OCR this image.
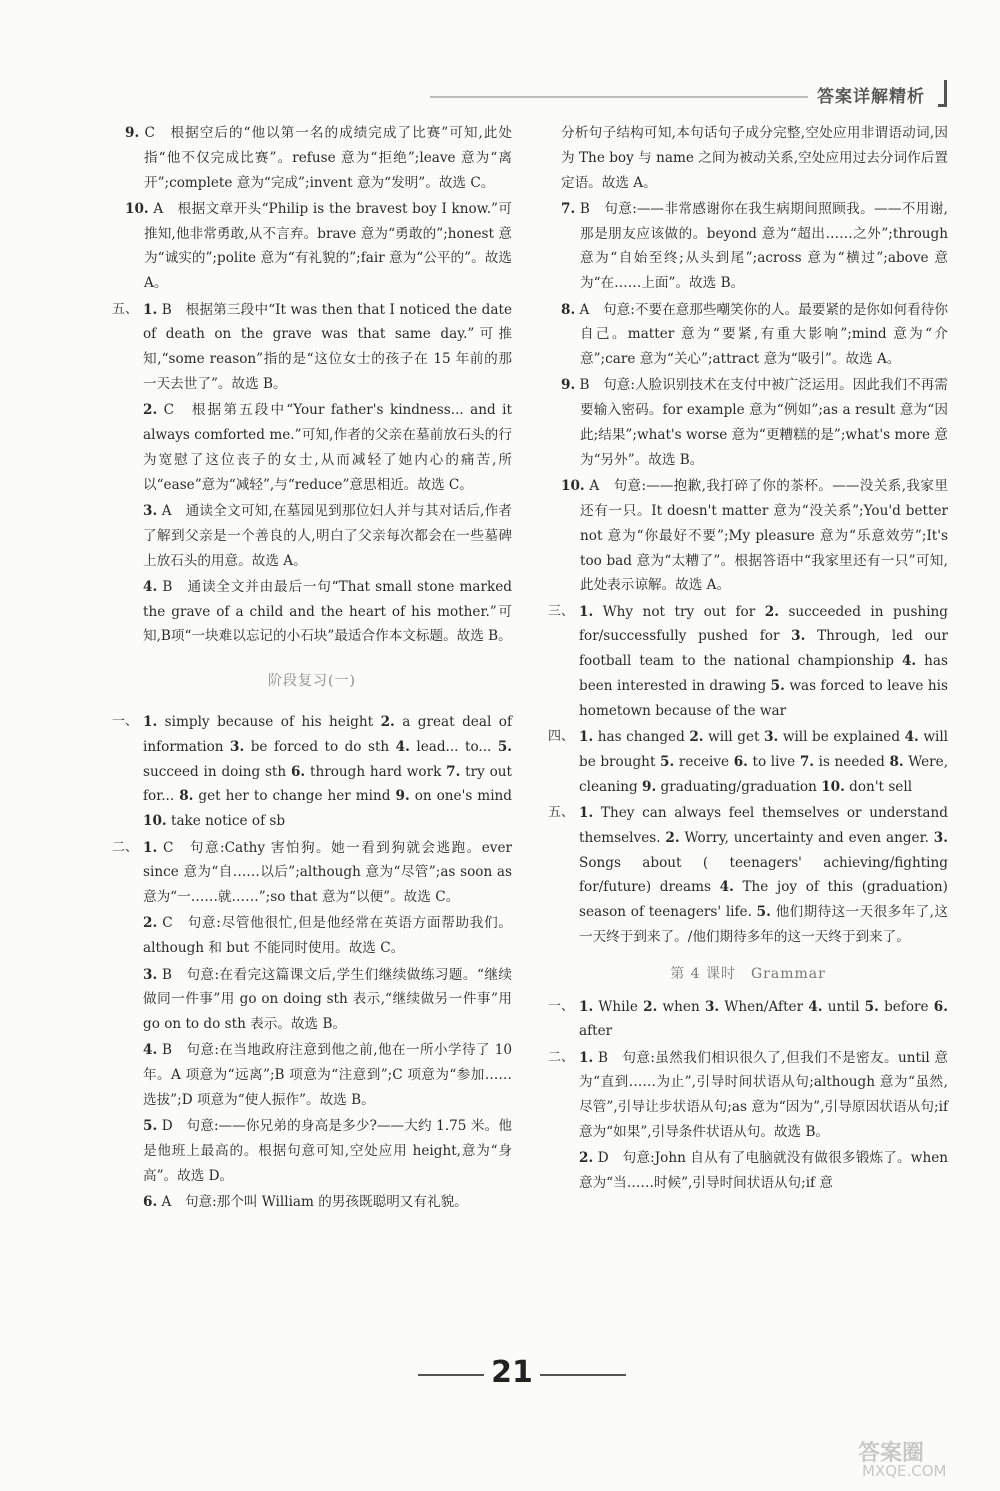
答案详解精析
9. C　根据空后的“他以第一名的成绩完成了比赛”可知,此处指“他不仅完成比赛”。refuse 意为“拒绝”;leave 意为“离开”;complete 意为“完成”;invent 意为“发明”。故选 C。
10. A　根据文章开头“Philip is the bravest boy I know.”可推知,他非常勇敢,从不言弃。brave 意为“勇敢的”;honest 意为“诚实的”;polite 意为“有礼貌的”;fair 意为“公平的”。故选 A。
五、 1. B　根据第三段中“It was then that I noticed the date of death on the grave was that same day.”可推知,“some reason”指的是“这位女士的孩子在 15 年前的那一天去世了”。故选 B。
2. C　根据第五段中“Your father's kindness... and it always comforted me.”可知,作者的父亲在墓前放石头的行为宽慰了这位丧子的女士,从而减轻了她内心的痛苦,所以“ease”意为“减轻”,与“reduce”意思相近。故选 C。
3. A　通读全文可知,在墓园见到那位妇人并与其对话后,作者了解到父亲是一个善良的人,明白了父亲每次都会在一些墓碑上放石头的用意。故选 A。
4. B　通读全文并由最后一句“That small stone marked the grave of a child and the heart of his mother.”可知,B项“一块难以忘记的小石块”最适合作本文标题。故选 B。
阶段复习(一)
一、 1. simply because of his height 2. a great deal of information 3. be forced to do sth 4. lead... to... 5. succeed in doing sth 6. through hard work 7. try out for... 8. get her to change her mind 9. on one's mind 10. take notice of sb
二、 1. C　句意:Cathy 害怕狗。她一看到狗就会逃跑。ever since 意为“自……以后”;although 意为“尽管”;as soon as 意为“一……就……”;so that 意为“以便”。故选 C。
2. C　句意:尽管他很忙,但是他经常在英语方面帮助我们。although 和 but 不能同时使用。故选 C。
3. B　句意:在看完这篇课文后,学生们继续做练习题。“继续做同一件事”用 go on doing sth 表示,“继续做另一件事”用 go on to do sth 表示。故选 B。
4. B　句意:在当地政府注意到他之前,他在一所小学待了 10 年。A 项意为“远离”;B 项意为“注意到”;C 项意为“参加……选拔”;D 项意为“使人振作”。故选 B。
5. D　句意:——你兄弟的身高是多少?——大约 1.75 米。他是他班上最高的。根据句意可知,空处应用 height,意为“身高”。故选 D。
6. A　句意:那个叫 William 的男孩既聪明又有礼貌。
分析句子结构可知,本句话句子成分完整,空处应用非谓语动词,因为 The boy 与 name 之间为被动关系,空处应用过去分词作后置定语。故选 A。
7. B　句意:——非常感谢你在我生病期间照顾我。——不用谢,那是朋友应该做的。beyond 意为“超出……之外”;through 意为“自始至终;从头到尾”;across 意为“横过”;above 意为“在……上面”。故选 B。
8. A　句意:不要在意那些嘲笑你的人。最要紧的是你如何看待你自己。matter 意为“要紧,有重大影响”;mind 意为“介意”;care 意为“关心”;attract 意为“吸引”。故选 A。
9. B　句意:人脸识别技术在支付中被广泛运用。因此我们不再需要输入密码。for example 意为“例如”;as a result 意为“因此;结果”;what's worse 意为“更糟糕的是”;what's more 意为“另外”。故选 B。
10. A　句意:——抱歉,我打碎了你的茶杯。——没关系,我家里还有一只。It doesn't matter 意为“没关系”;You'd better not 意为“你最好不要”;My pleasure 意为“乐意效劳”;It's too bad 意为“太糟了”。根据答语中“我家里还有一只”可知,此处表示谅解。故选 A。
三、 1. Why not try out for 2. succeeded in pushing for/successfully pushed for 3. Through, led our football team to the national championship 4. has been interested in drawing 5. was forced to leave his hometown because of the war
四、 1. has changed 2. will get 3. will be explained 4. will be brought 5. receive 6. to live 7. is needed 8. Were, cleaning 9. graduating/graduation 10. don't sell
五、 1. They can always feel themselves or understand themselves. 2. Worry, uncertainty and even anger. 3. Songs about ( teenagers' achieving/fighting for/future) dreams 4. The joy of this (graduation) season of teenagers' life. 5. 他们期待这一天很多年了,这一天终于到来了。/他们期待多年的这一天终于到来了。
第 4 课时　Grammar
一、 1. While 2. when 3. When/After 4. until 5. before 6. after
二、 1. B　句意:虽然我们相识很久了,但我们不是密友。until 意为“直到……为止”,引导时间状语从句;although 意为“虽然,尽管”,引导让步状语从句;as 意为“因为”,引导原因状语从句;if 意为“如果”,引导条件状语从句。故选 B。
2. D　句意:John 自从有了电脑就没有做很多锻炼了。when 意为“当……时候”,引导时间状语从句;if 意
21
答案圈
MXQE.COM
